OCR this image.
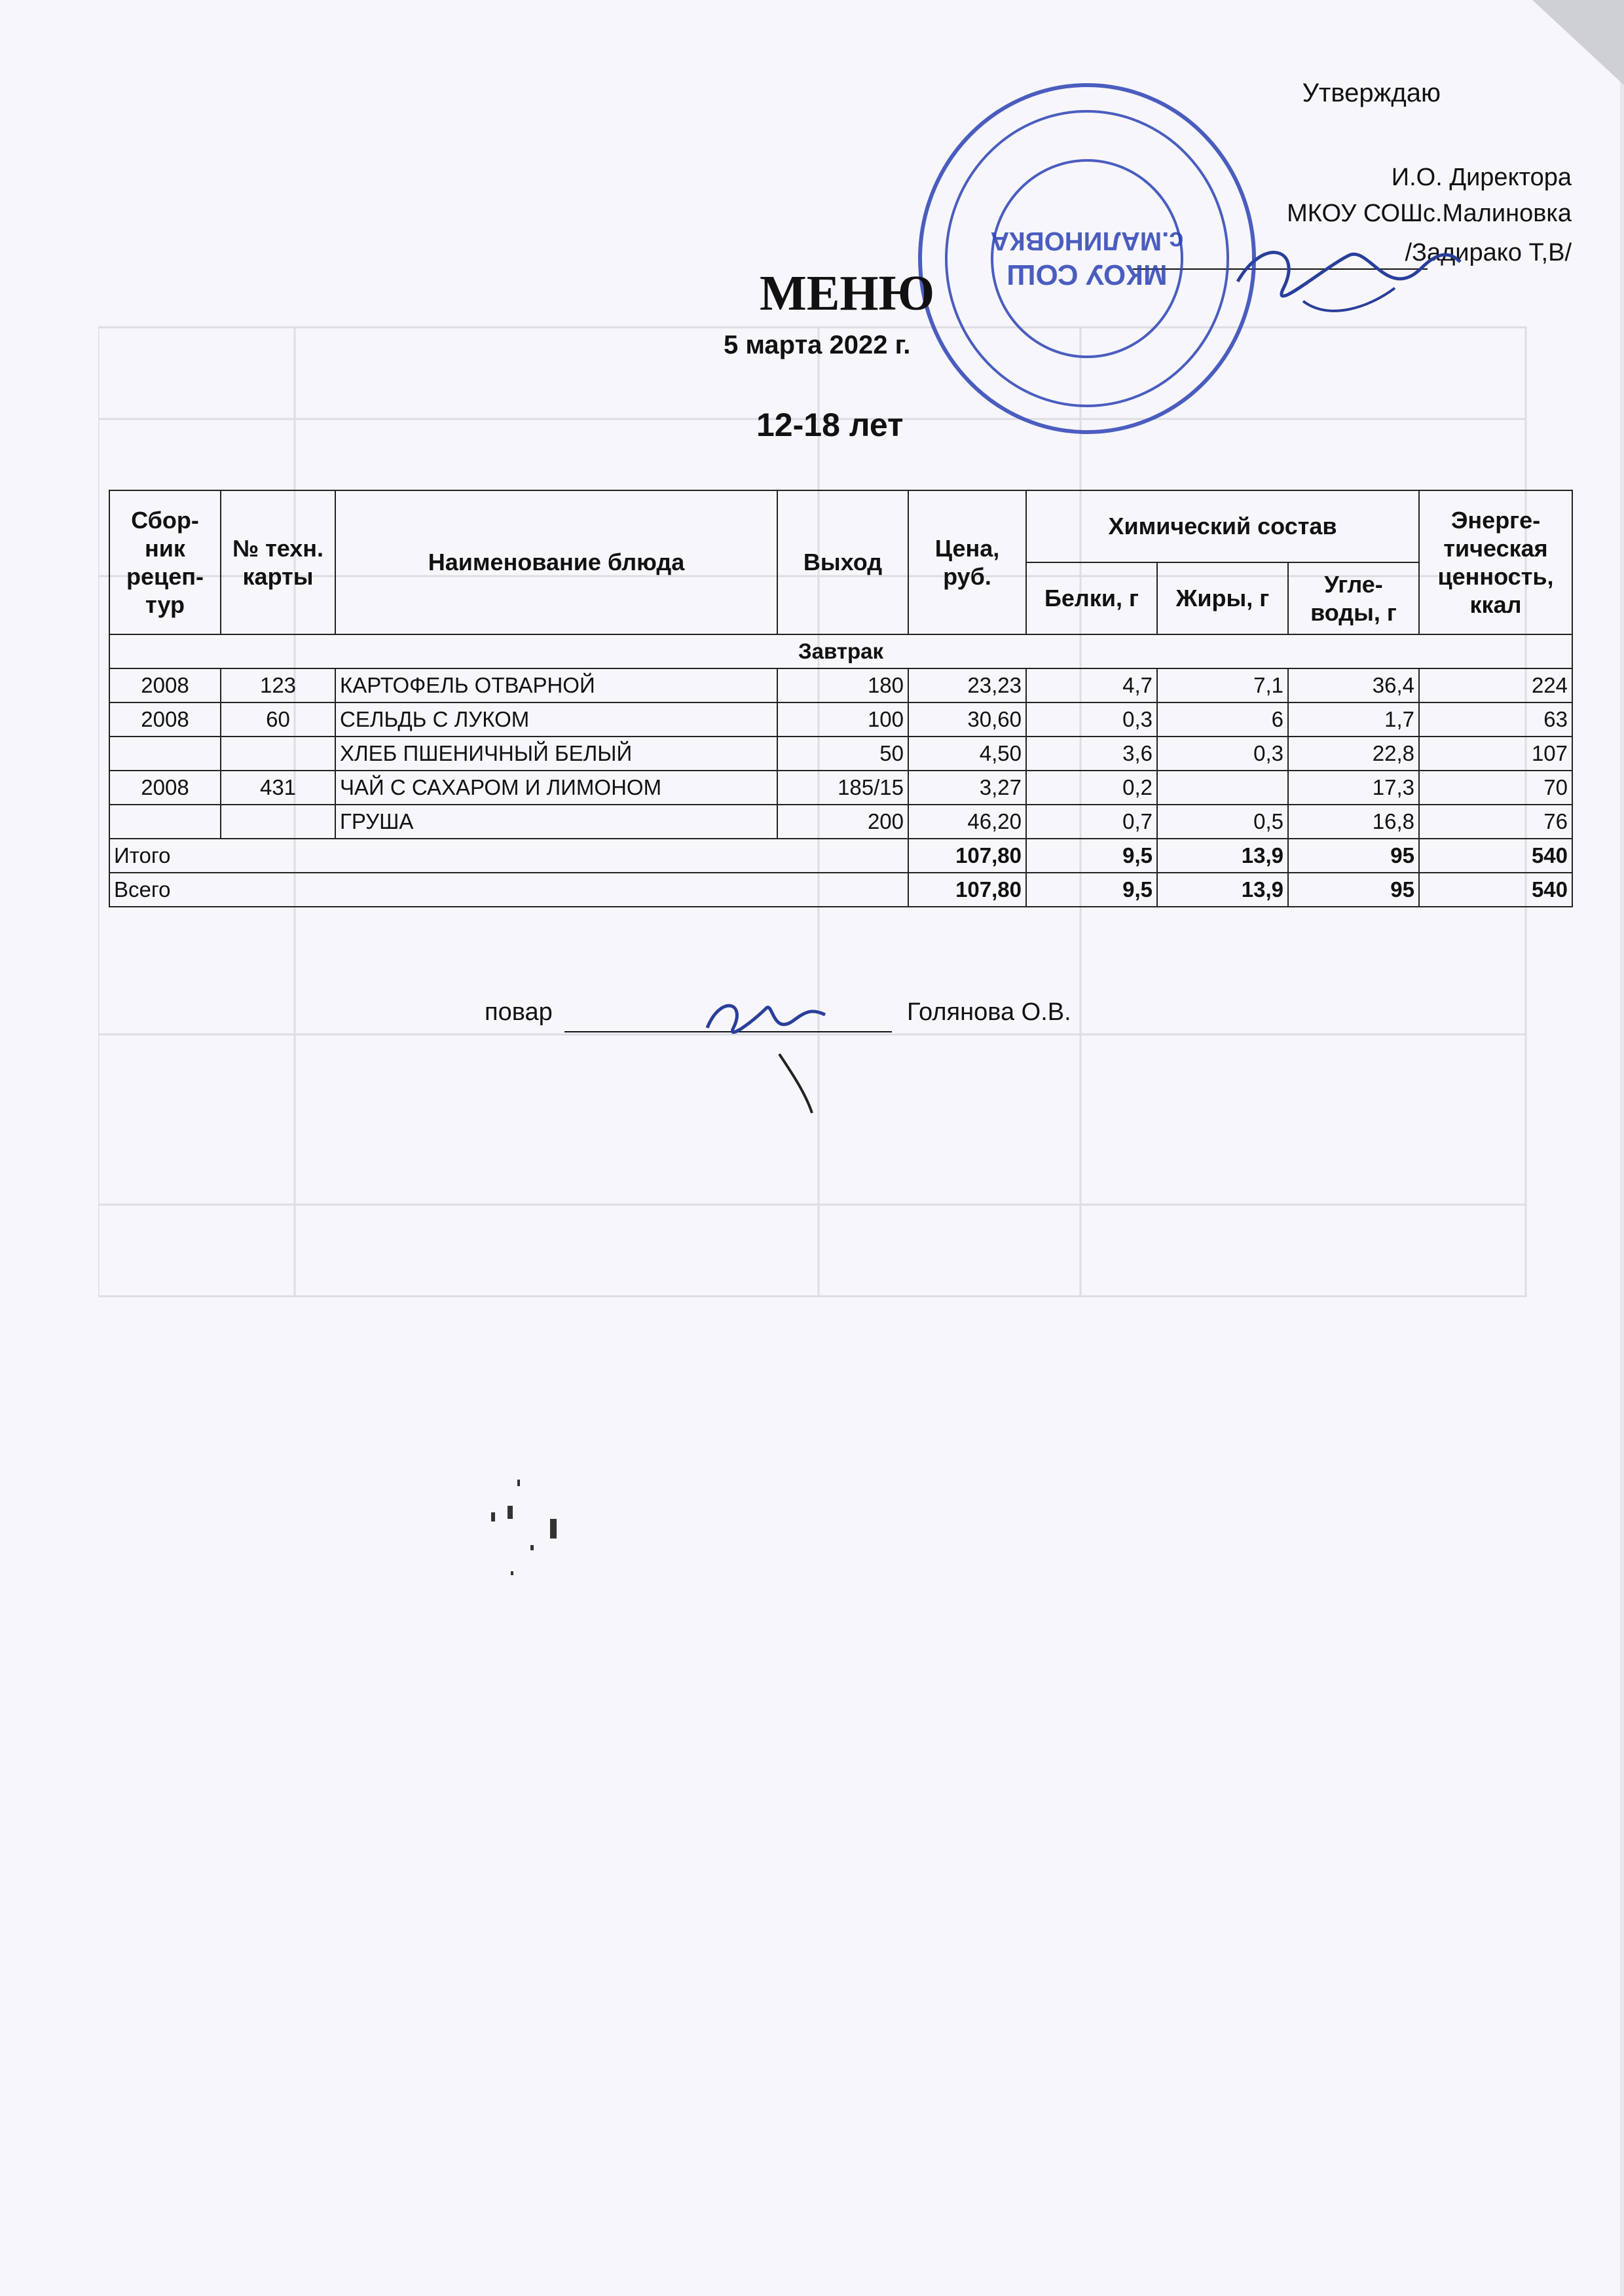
Утверждаю
И.О. Директора
МКОУ СОШс.Малиновка
/Задирако Т,В/
МКОУ СОШ
с.МАЛИНОВКА
МЕНЮ
5 марта 2022 г.
12-18 лет
Сбор-ник рецеп-тур	№ техн. карты	Наименование блюда	Выход	Цена, руб.	Химический состав			Энерге-тическая ценность, ккал
					Белки, г	Жиры, г	Угле-воды, г	
Завтрак								
2008	123	КАРТОФЕЛЬ ОТВАРНОЙ	180	23,23	4,7	7,1	36,4	224
2008	60	СЕЛЬДЬ С ЛУКОМ	100	30,60	0,3	6	1,7	63
		ХЛЕБ ПШЕНИЧНЫЙ БЕЛЫЙ	50	4,50	3,6	0,3	22,8	107
2008	431	ЧАЙ С САХАРОМ И ЛИМОНОМ	185/15	3,27	0,2		17,3	70
		ГРУША	200	46,20	0,7	0,5	16,8	76
Итого				107,80	9,5	13,9	95	540
Всего				107,80	9,5	13,9	95	540
повар	Голянова О.В.
